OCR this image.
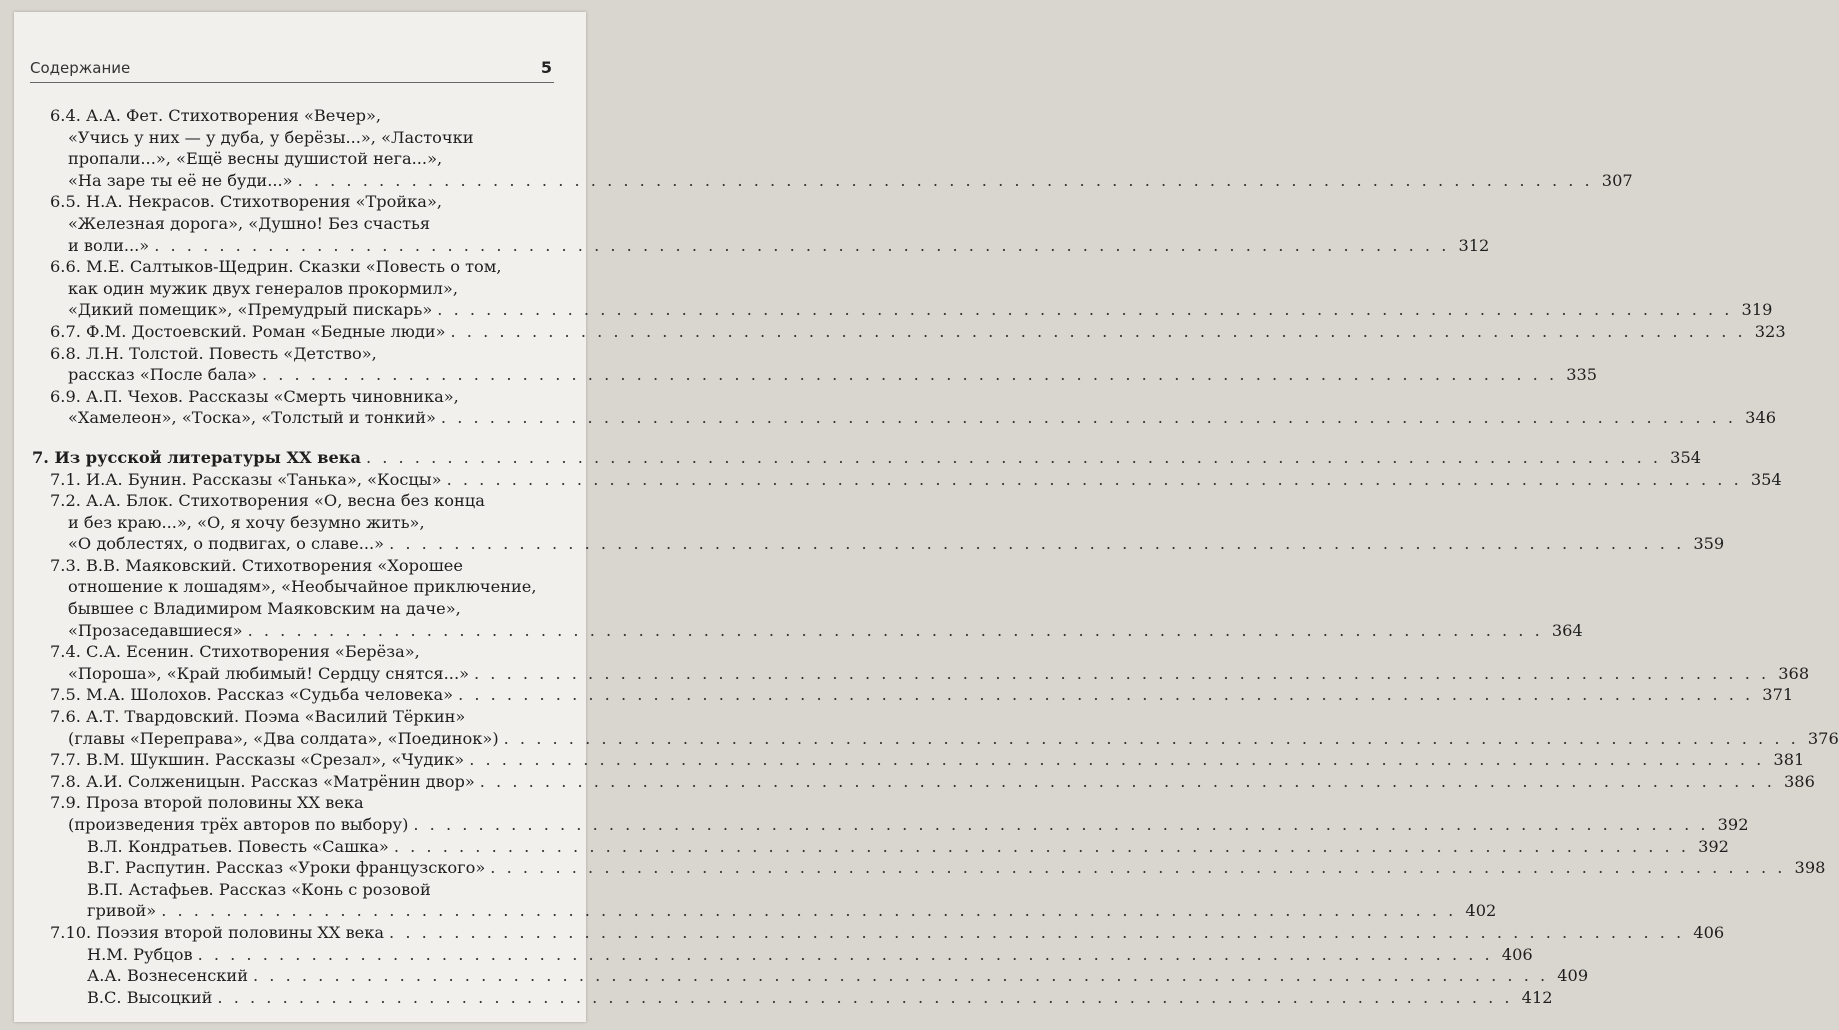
Содержание	5
6.4. А.А. Фет. Стихотворения «Вечер»,
«Учись у них — у дуба, у берёзы...», «Ласточки
пропали...», «Ещё весны душистой нега...»,
«На заре ты её не буди...» . . . . . . . . . . . . . . . . . . . . . . . . . . . . . . . . . . . . . . . . . . . . . . . . . . . . . . . . . . . . . . . . . . . . . . . . . . . . . . . . 307
6.5. Н.А. Некрасов. Стихотворения «Тройка»,
«Железная дорога», «Душно! Без счастья
и воли...» . . . . . . . . . . . . . . . . . . . . . . . . . . . . . . . . . . . . . . . . . . . . . . . . . . . . . . . . . . . . . . . . . . . . . . . . . . . . . . . . 312
6.6. М.Е. Салтыков-Щедрин. Сказки «Повесть о том,
как один мужик двух генералов прокормил»,
«Дикий помещик», «Премудрый пискарь» . . . . . . . . . . . . . . . . . . . . . . . . . . . . . . . . . . . . . . . . . . . . . . . . . . . . . . . . . . . . . . . . . . . . . . . . . . . . . . . . 319
6.7. Ф.М. Достоевский. Роман «Бедные люди» . . . . . . . . . . . . . . . . . . . . . . . . . . . . . . . . . . . . . . . . . . . . . . . . . . . . . . . . . . . . . . . . . . . . . . . . . . . . . . . . 323
6.8. Л.Н. Толстой. Повесть «Детство»,
рассказ «После бала» . . . . . . . . . . . . . . . . . . . . . . . . . . . . . . . . . . . . . . . . . . . . . . . . . . . . . . . . . . . . . . . . . . . . . . . . . . . . . . . . 335
6.9. А.П. Чехов. Рассказы «Смерть чиновника»,
«Хамелеон», «Тоска», «Толстый и тонкий» . . . . . . . . . . . . . . . . . . . . . . . . . . . . . . . . . . . . . . . . . . . . . . . . . . . . . . . . . . . . . . . . . . . . . . . . . . . . . . . . 346
7. Из русской литературы XX века . . . . . . . . . . . . . . . . . . . . . . . . . . . . . . . . . . . . . . . . . . . . . . . . . . . . . . . . . . . . . . . . . . . . . . . . . . . . . . . . 354
7.1. И.А. Бунин. Рассказы «Танька», «Косцы» . . . . . . . . . . . . . . . . . . . . . . . . . . . . . . . . . . . . . . . . . . . . . . . . . . . . . . . . . . . . . . . . . . . . . . . . . . . . . . . . 354
7.2. А.А. Блок. Стихотворения «О, весна без конца
и без краю...», «О, я хочу безумно жить»,
«О доблестях, о подвигах, о славе...» . . . . . . . . . . . . . . . . . . . . . . . . . . . . . . . . . . . . . . . . . . . . . . . . . . . . . . . . . . . . . . . . . . . . . . . . . . . . . . . . 359
7.3. В.В. Маяковский. Стихотворения «Хорошее
отношение к лошадям», «Необычайное приключение,
бывшее с Владимиром Маяковским на даче»,
«Прозаседавшиеся» . . . . . . . . . . . . . . . . . . . . . . . . . . . . . . . . . . . . . . . . . . . . . . . . . . . . . . . . . . . . . . . . . . . . . . . . . . . . . . . . 364
7.4. С.А. Есенин. Стихотворения «Берёза»,
«Пороша», «Край любимый! Сердцу снятся...» . . . . . . . . . . . . . . . . . . . . . . . . . . . . . . . . . . . . . . . . . . . . . . . . . . . . . . . . . . . . . . . . . . . . . . . . . . . . . . . . 368
7.5. М.А. Шолохов. Рассказ «Судьба человека» . . . . . . . . . . . . . . . . . . . . . . . . . . . . . . . . . . . . . . . . . . . . . . . . . . . . . . . . . . . . . . . . . . . . . . . . . . . . . . . . 371
7.6. А.Т. Твардовский. Поэма «Василий Тёркин»
(главы «Переправа», «Два солдата», «Поединок») . . . . . . . . . . . . . . . . . . . . . . . . . . . . . . . . . . . . . . . . . . . . . . . . . . . . . . . . . . . . . . . . . . . . . . . . . . . . . . . . 376
7.7. В.М. Шукшин. Рассказы «Срезал», «Чудик» . . . . . . . . . . . . . . . . . . . . . . . . . . . . . . . . . . . . . . . . . . . . . . . . . . . . . . . . . . . . . . . . . . . . . . . . . . . . . . . . 381
7.8. А.И. Солженицын. Рассказ «Матрёнин двор» . . . . . . . . . . . . . . . . . . . . . . . . . . . . . . . . . . . . . . . . . . . . . . . . . . . . . . . . . . . . . . . . . . . . . . . . . . . . . . . . 386
7.9. Проза второй половины XX века
(произведения трёх авторов по выбору) . . . . . . . . . . . . . . . . . . . . . . . . . . . . . . . . . . . . . . . . . . . . . . . . . . . . . . . . . . . . . . . . . . . . . . . . . . . . . . . . 392
В.Л. Кондратьев. Повесть «Сашка» . . . . . . . . . . . . . . . . . . . . . . . . . . . . . . . . . . . . . . . . . . . . . . . . . . . . . . . . . . . . . . . . . . . . . . . . . . . . . . . . 392
В.Г. Распутин. Рассказ «Уроки французского» . . . . . . . . . . . . . . . . . . . . . . . . . . . . . . . . . . . . . . . . . . . . . . . . . . . . . . . . . . . . . . . . . . . . . . . . . . . . . . . . 398
В.П. Астафьев. Рассказ «Конь с розовой
гривой» . . . . . . . . . . . . . . . . . . . . . . . . . . . . . . . . . . . . . . . . . . . . . . . . . . . . . . . . . . . . . . . . . . . . . . . . . . . . . . . . 402
7.10. Поэзия второй половины XX века . . . . . . . . . . . . . . . . . . . . . . . . . . . . . . . . . . . . . . . . . . . . . . . . . . . . . . . . . . . . . . . . . . . . . . . . . . . . . . . . 406
Н.М. Рубцов . . . . . . . . . . . . . . . . . . . . . . . . . . . . . . . . . . . . . . . . . . . . . . . . . . . . . . . . . . . . . . . . . . . . . . . . . . . . . . . . 406
А.А. Вознесенский . . . . . . . . . . . . . . . . . . . . . . . . . . . . . . . . . . . . . . . . . . . . . . . . . . . . . . . . . . . . . . . . . . . . . . . . . . . . . . . . 409
В.С. Высоцкий . . . . . . . . . . . . . . . . . . . . . . . . . . . . . . . . . . . . . . . . . . . . . . . . . . . . . . . . . . . . . . . . . . . . . . . . . . . . . . . . 412
